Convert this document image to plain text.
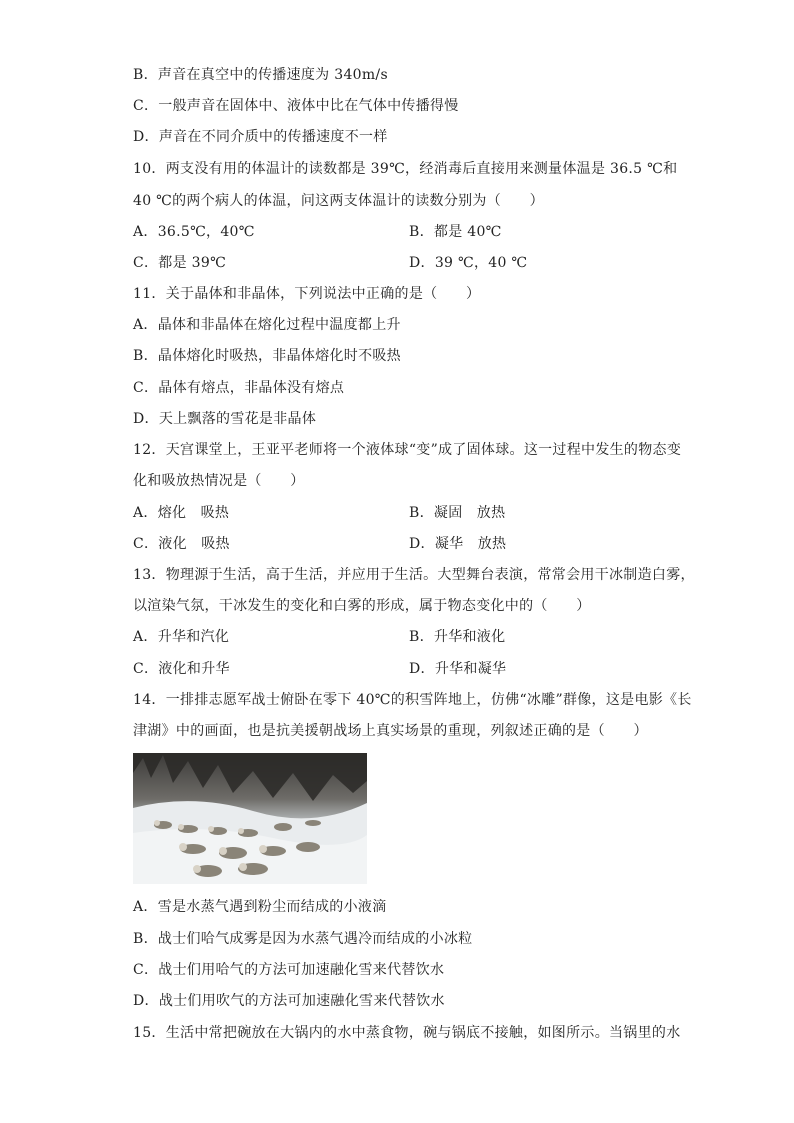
B．声音在真空中的传播速度为 340m/s
C．一般声音在固体中、液体中比在气体中传播得慢
D．声音在不同介质中的传播速度不一样
10．两支没有用的体温计的读数都是 39℃，经消毒后直接用来测量体温是 36.5 ℃和
40 ℃的两个病人的体温，问这两支体温计的读数分别为（　　）
A．36.5℃，40℃	B．都是 40℃
C．都是 39℃	D．39 ℃，40 ℃
11．关于晶体和非晶体，下列说法中正确的是（　　）
A．晶体和非晶体在熔化过程中温度都上升
B．晶体熔化时吸热，非晶体熔化时不吸热
C．晶体有熔点，非晶体没有熔点
D．天上飘落的雪花是非晶体
12．天宫课堂上，王亚平老师将一个液体球“变”成了固体球。这一过程中发生的物态变
化和吸放热情况是（　　）
A．熔化　吸热	B．凝固　放热
C．液化　吸热	D．凝华　放热
13．物理源于生活，高于生活，并应用于生活。大型舞台表演，常常会用干冰制造白雾，
以渲染气氛，干冰发生的变化和白雾的形成，属于物态变化中的（　　）
A．升华和汽化	B．升华和液化
C．液化和升华	D．升华和凝华
14．一排排志愿军战士俯卧在零下 40℃的积雪阵地上，仿佛“冰雕”群像，这是电影《长
津湖》中的画面，也是抗美援朝战场上真实场景的重现，列叙述正确的是（　　）
A．雪是水蒸气遇到粉尘而结成的小液滴
B．战士们哈气成雾是因为水蒸气遇冷而结成的小冰粒
C．战士们用哈气的方法可加速融化雪来代替饮水
D．战士们用吹气的方法可加速融化雪来代替饮水
15．生活中常把碗放在大锅内的水中蒸食物，碗与锅底不接触，如图所示。当锅里的水
